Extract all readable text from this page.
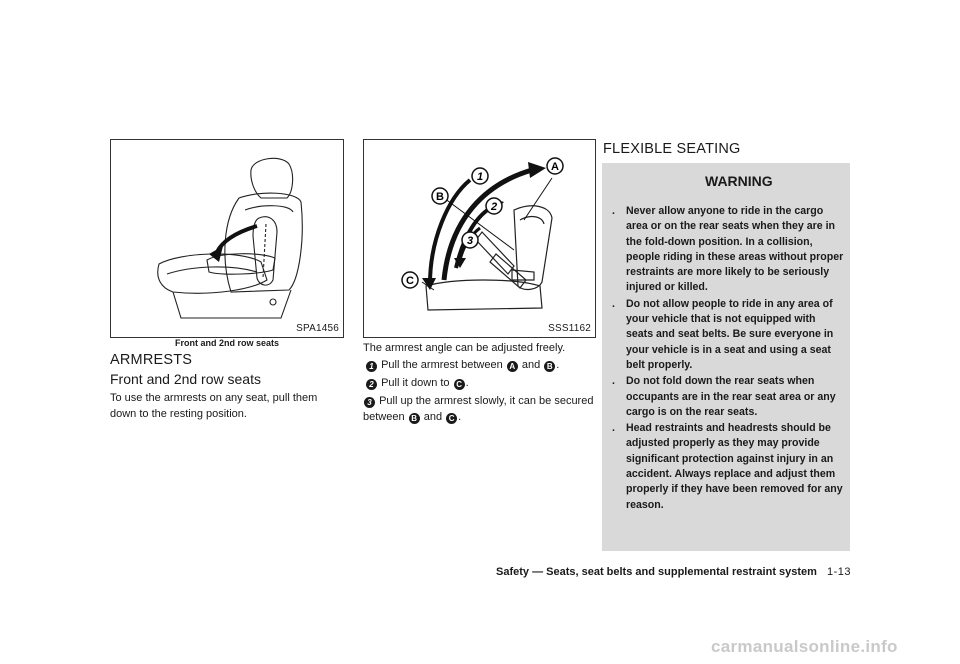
SPA1456
Front and 2nd row seats
ARMRESTS
Front and 2nd row seats
To use the armrests on any seat, pull them down to the resting position.
A
B
C
1
2
3
SSS1162
The armrest angle can be adjusted freely.
1 Pull the armrest between A and B .
2 Pull it down to C .
3 Pull up the armrest slowly, it can be secured between B and C .
FLEXIBLE SEATING
WARNING
. Never allow anyone to ride in the cargo area or on the rear seats when they are in the fold-down position. In a collision, people riding in these areas without proper restraints are more likely to be seriously injured or killed.
. Do not allow people to ride in any area of your vehicle that is not equipped with seats and seat belts. Be sure everyone in your vehicle is in a seat and using a seat belt properly.
. Do not fold down the rear seats when occupants are in the rear seat area or any cargo is on the rear seats.
. Head restraints and headrests should be adjusted properly as they may provide significant protection against injury in an accident. Always replace and adjust them properly if they have been removed for any reason.
Safety — Seats, seat belts and supplemental restraint system 1-13
carmanualsonline.info
